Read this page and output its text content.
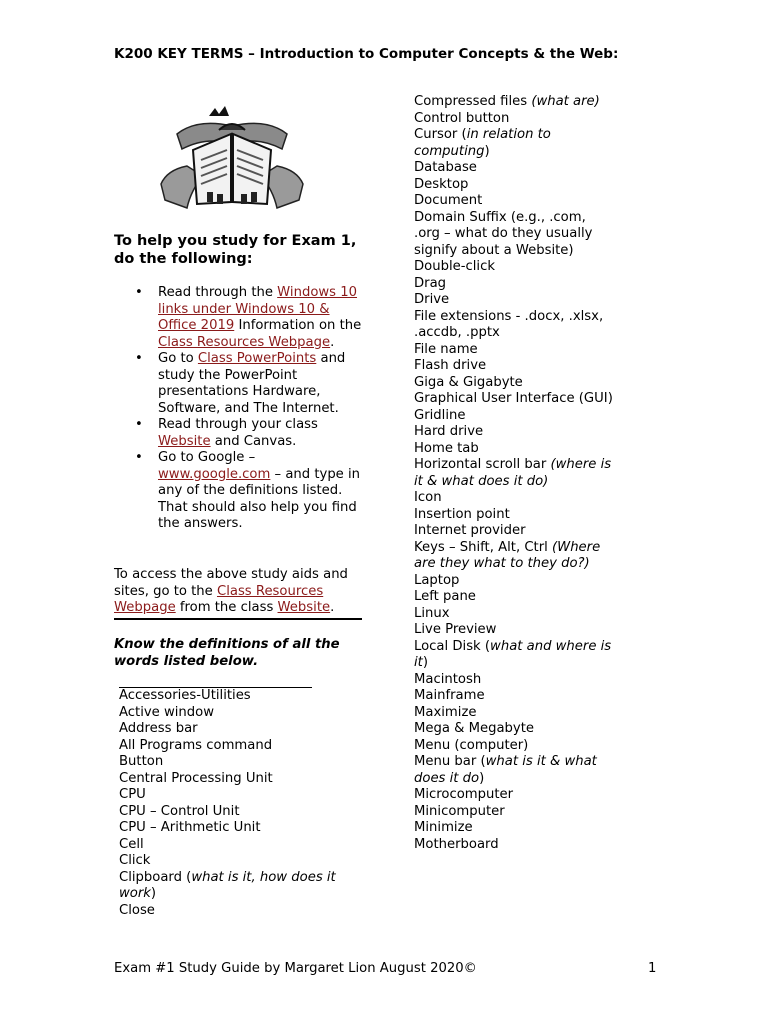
K200 KEY TERMS – Introduction to Computer Concepts & the Web:
To help you study for Exam 1, do the following:
• Read through the Windows 10 links under Windows 10 & Office 2019 Information on the Class Resources Webpage.
• Go to Class PowerPoints and study the PowerPoint presentations Hardware, Software, and The Internet.
• Read through your class Website and Canvas.
• Go to Google – www.google.com – and type in any of the definitions listed. That should also help you find the answers.
To access the above study aids and sites, go to the Class Resources Webpage from the class Website.
Know the definitions of all the words listed below.
Accessories-Utilities
Active window
Address bar
All Programs command
Button
Central Processing Unit
CPU
CPU – Control Unit
CPU – Arithmetic Unit
Cell
Click
Clipboard (what is it, how does it work)
Close
Compressed files (what are)
Control button
Cursor (in relation to computing)
Database
Desktop
Document
Domain Suffix (e.g., .com, .org – what do they usually signify about a Website)
Double-click
Drag
Drive
File extensions - .docx, .xlsx, .accdb, .pptx
File name
Flash drive
Giga & Gigabyte
Graphical User Interface (GUI)
Gridline
Hard drive
Home tab
Horizontal scroll bar (where is it & what does it do)
Icon
Insertion point
Internet provider
Keys – Shift, Alt, Ctrl (Where are they what to they do?)
Laptop
Left pane
Linux
Live Preview
Local Disk (what and where is it)
Macintosh
Mainframe
Maximize
Mega & Megabyte
Menu (computer)
Menu bar (what is it & what does it do)
Microcomputer
Minicomputer
Minimize
Motherboard
Exam #1 Study Guide by Margaret Lion August 2020©	1
